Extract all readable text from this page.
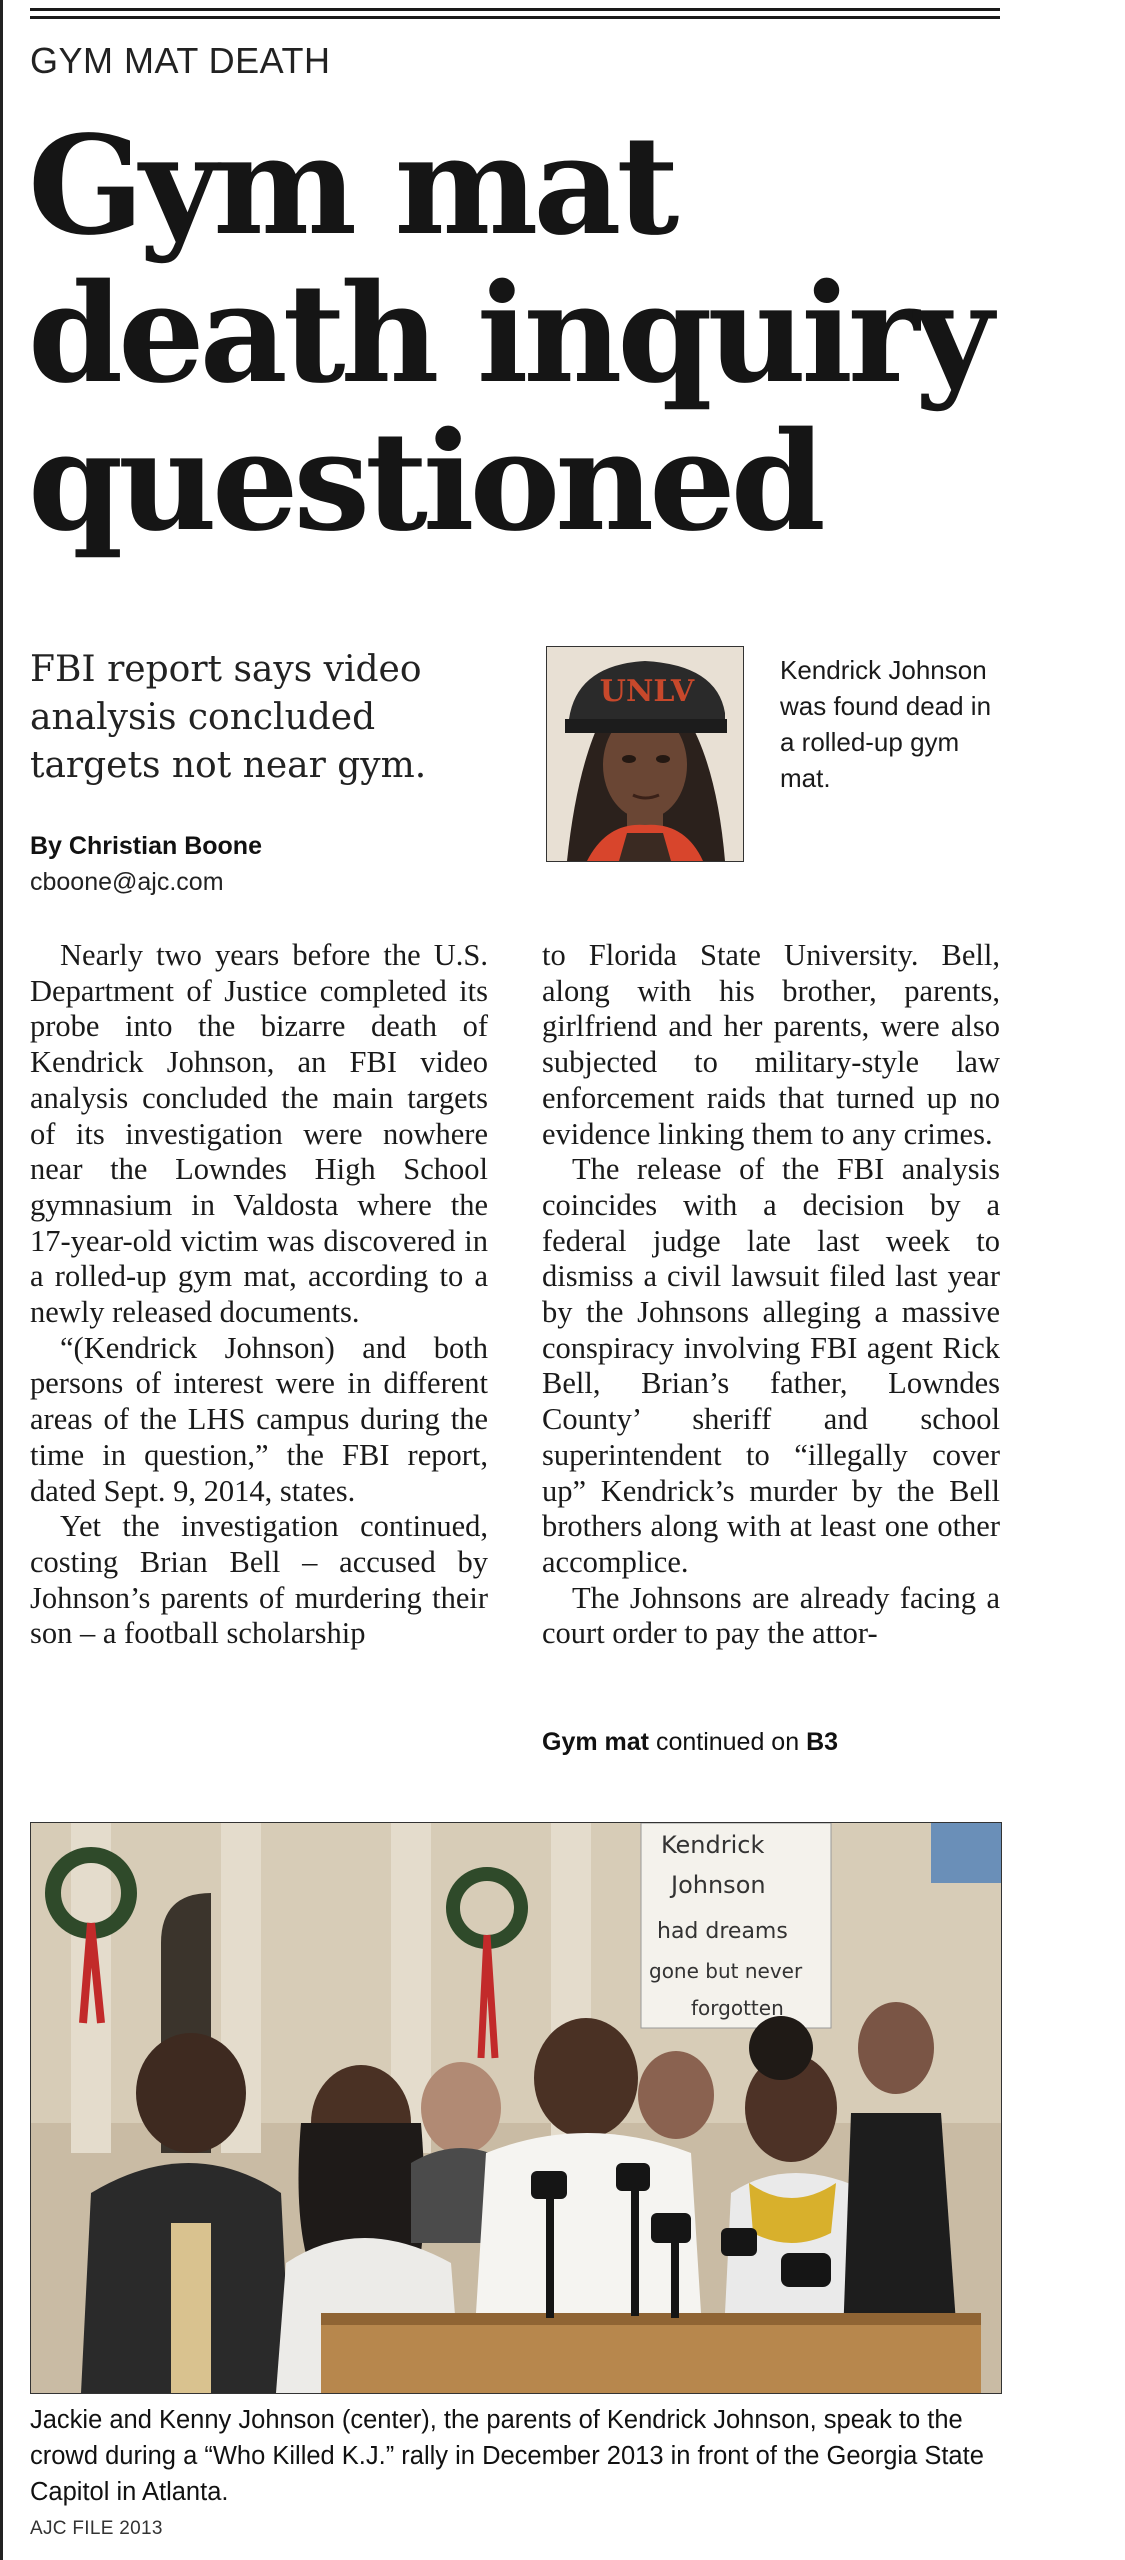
GYM MAT DEATH
Gym mat death inquiry questioned
FBI report says video analysis concluded targets not near gym.
By Christian Boone
cboone@ajc.com
UNLV
Kendrick Johnson was found dead in a rolled-up gym mat.

Nearly two years before the U.S. Department of Justice completed its probe into the bizarre death of Kendrick Johnson, an FBI video analysis concluded the main targets of its investigation were nowhere near the Lowndes High School gymnasium in Valdosta where the 17-year-old victim was discovered in a rolled-up gym mat, according to a newly released documents.

“(Kendrick Johnson) and both persons of interest were in different areas of the LHS campus during the time in question,” the FBI report, dated Sept. 9, 2014, states.

Yet the investigation continued, costing Brian Bell – accused by Johnson’s parents of murdering their son – a football scholarship

to Florida State University. Bell, along with his brother, parents, girlfriend and her parents, were also subjected to military-style law enforcement raids that turned up no evidence linking them to any crimes.

The release of the FBI analysis coincides with a decision by a federal judge late last week to dismiss a civil lawsuit filed last year by the Johnsons alleging a massive conspiracy involving FBI agent Rick Bell, Brian’s father, Lowndes County’ sheriff and school superintendent to “illegally cover up” Kendrick’s murder by the Bell brothers along with at least one other accomplice.

The Johnsons are already facing a court order to pay the attor-

Gym mat continued on B3
Kendrick
Johnson
had dreams
gone but never
forgotten
Jackie and Kenny Johnson (center), the parents of Kendrick Johnson, speak to the crowd during a “Who Killed K.J.” rally in December 2013 in front of the Georgia State Capitol in Atlanta.
AJC FILE 2013
